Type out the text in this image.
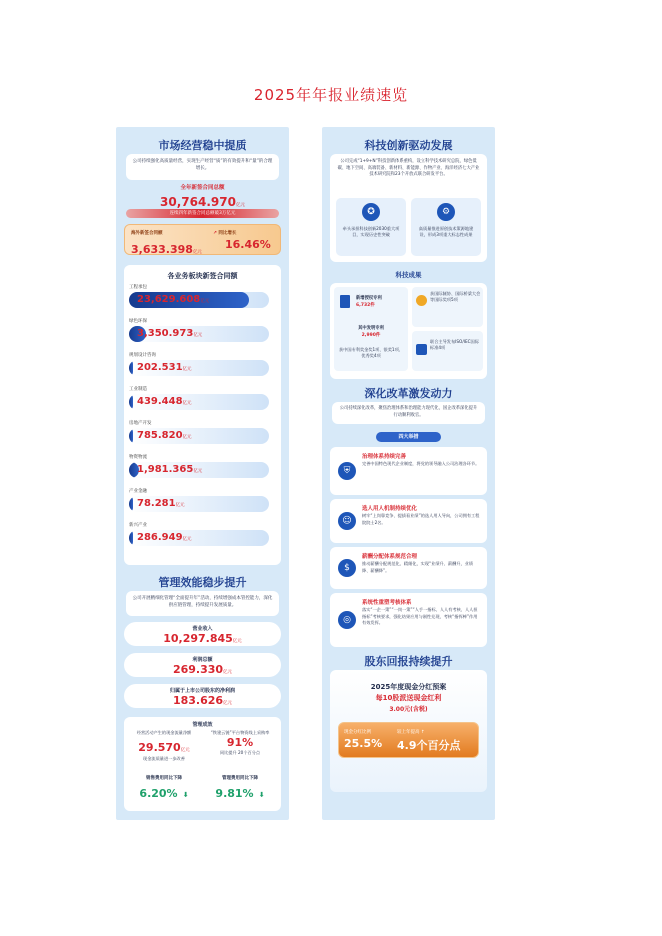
2025年年报业绩速览
市场经营稳中提质
公司持续强化高质量经营，实现生产经营“质”的有效提升和“量”的合理增长。
全年新签合同总额
30,764.970亿元
连续四年新签合同总额破3万亿元
海外新签合同额
3,633.398亿元
↗ 同比增长
16.46%
各业务板块新签合同额
工程承包
23,629.608亿元
绿色环保
3,350.973亿元
规划设计咨询
202.531亿元
工业制造
439.448亿元
房地产开发
785.820亿元
物资物流
1,981.365亿元
产业金融
78.281亿元
新兴产业
286.949亿元
管理效能稳步提升
公司开展精细化管理“全面提升年”活动，持续增强成本管控能力，深化供应链管理，持续提升发展质量。
营业收入
10,297.845亿元
利润总额
269.330亿元
归属于上市公司股东的净利润
183.626亿元
管理成效
经营活动产生的现金流量净额
29.570亿元
现金流质量进一步改善
“铁建云链”平台物资线上采购率
91%
同比提升 20个百分点
销售费用同比下降
6.20% ⬇
管理费用同比下降
9.81% ⬇
科技创新驱动发展
公司完成“1+9+N”科技创新体系重构，设立科学技术研究总院，绿色低碳、地下空间、高端装备、新材料、新能源、作物产业、海洋经济七大产业技术研究院和23个开放式联合研发平台。
✪
牵头承担科技创新2030重大项目，实现历史性突破
⚙
高质量推进原创技术策源地建设，形成3项重大标志性成果
科技成果
新增授权专利
6,732件
其中发明专利
2,990件
获中国专利奖金奖1项、银奖1项、优秀奖4项
获国际隧协、国际桥梁大会等国际奖项5项
联合主导发布ISO/IEC国际标准4项
深化改革激发动力
公司持续深化改革，聚焦治理体系和治理能力现代化，国企改革深化提升行动顺利收官。
四大举措
⛨
治理体系持续完善
完善中国特色现代企业制度，将党的领导融入公司治理各环节。
☺
选人用人机制持续优化
树牢“上岗靠竞争、提拔看业绩”的选人用人导向，公司拥有工程院院士2名。
$
薪酬分配体系规范合理
推动薪酬分配规范化、精细化，实现“业绩升、薪酬升，业绩降、薪酬降”。
◎
系统性重塑考核体系
落实“一企一策”“一岗一策”“人手一指标、人人有考核、人人担指标”考核要求，强化结果应用与刚性兑现，考核“指挥棒”作用有效发挥。
股东回报持续提升
2025年度现金分红预案
每10股派送现金红利
3.00元(含税)
现金分红比例
25.5%
较上年提高 ↑
4.9个百分点
